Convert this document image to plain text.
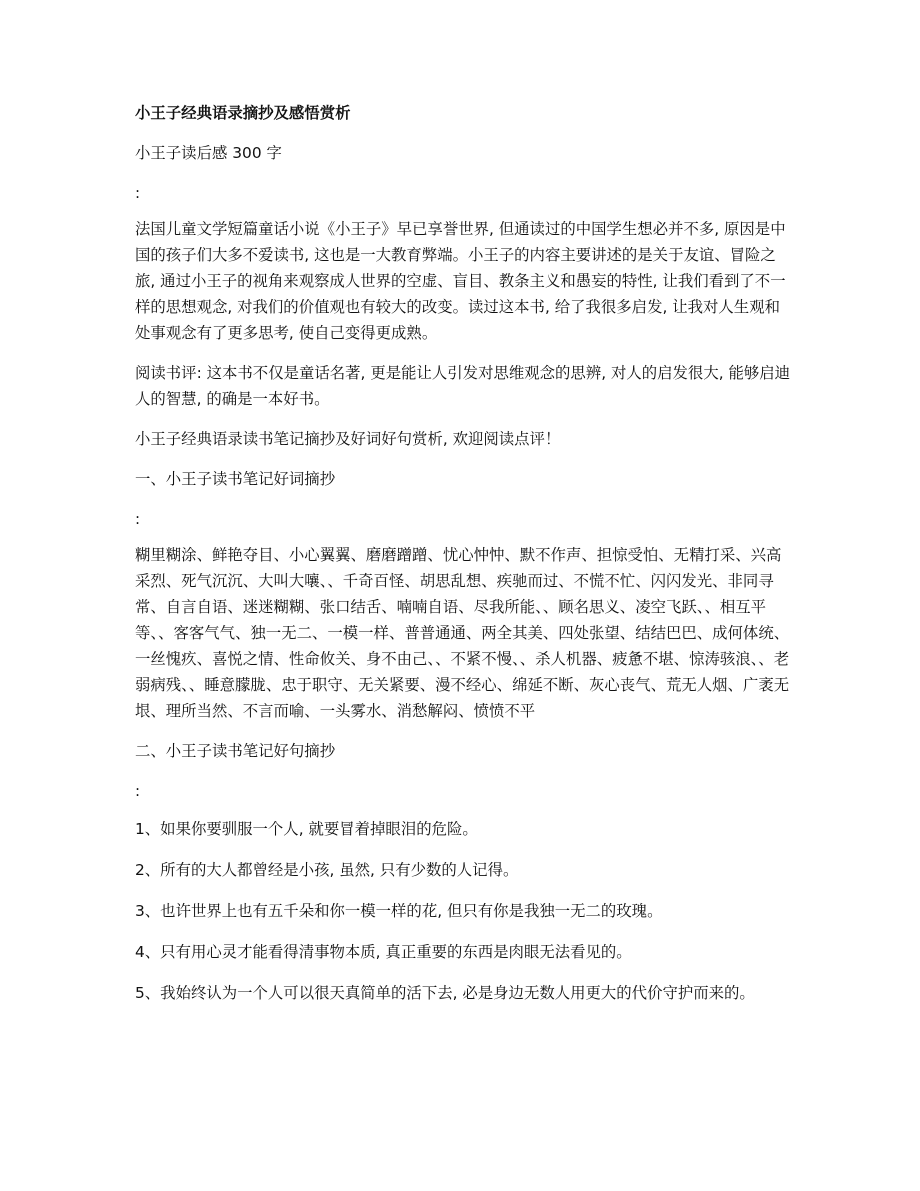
小王子经典语录摘抄及感悟赏析

小王子读后感 300 字

:

法国儿童文学短篇童话小说《小王子》早已享誉世界, 但通读过的中国学生想必并不多, 原因是中国的孩子们大多不爱读书, 这也是一大教育弊端。小王子的内容主要讲述的是关于友谊、冒险之旅, 通过小王子的视角来观察成人世界的空虚、盲目、教条主义和愚妄的特性, 让我们看到了不一样的思想观念, 对我们的价值观也有较大的改变。读过这本书, 给了我很多启发, 让我对人生观和处事观念有了更多思考, 使自己变得更成熟。

阅读书评: 这本书不仅是童话名著, 更是能让人引发对思维观念的思辨, 对人的启发很大, 能够启迪人的智慧, 的确是一本好书。

小王子经典语录读书笔记摘抄及好词好句赏析, 欢迎阅读点评！

一、小王子读书笔记好词摘抄

:

糊里糊涂、鲜艳夺目、小心翼翼、磨磨蹭蹭、忧心忡忡、默不作声、担惊受怕、无精打采、兴高采烈、死气沉沉、大叫大嚷、、千奇百怪、胡思乱想、疾驰而过、不慌不忙、闪闪发光、非同寻常、自言自语、迷迷糊糊、张口结舌、喃喃自语、尽我所能、、顾名思义、凌空飞跃、、相互平等、、客客气气、独一无二、一模一样、普普通通、两全其美、四处张望、结结巴巴、成何体统、一丝愧疚、喜悦之情、性命攸关、身不由己、、不紧不慢、、杀人机器、疲惫不堪、惊涛骇浪、、老弱病残、、睡意朦胧、忠于职守、无关紧要、漫不经心、绵延不断、灰心丧气、荒无人烟、广袤无垠、理所当然、不言而喻、一头雾水、消愁解闷、愤愤不平

二、小王子读书笔记好句摘抄

:

1、如果你要驯服一个人, 就要冒着掉眼泪的危险。

2、所有的大人都曾经是小孩, 虽然, 只有少数的人记得。

3、也许世界上也有五千朵和你一模一样的花, 但只有你是我独一无二的玫瑰。

4、只有用心灵才能看得清事物本质, 真正重要的东西是肉眼无法看见的。

5、我始终认为一个人可以很天真简单的活下去, 必是身边无数人用更大的代价守护而来的。
